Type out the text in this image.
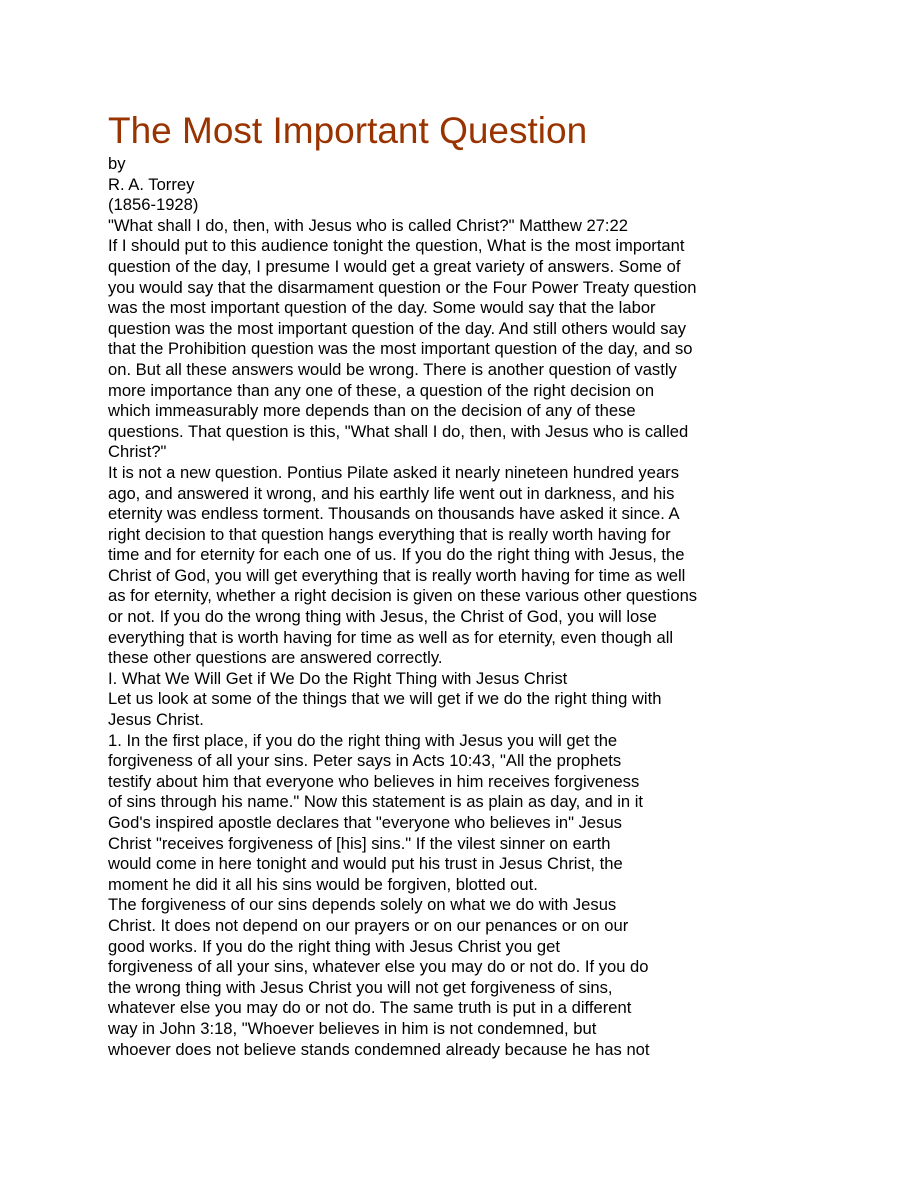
The Most Important Question

by

R. A. Torrey

(1856-1928)

"What shall I do, then, with Jesus who is called Christ?" Matthew 27:22

If I should put to this audience tonight the question, What is the most important

question of the day, I presume I would get a great variety of answers. Some of

you would say that the disarmament question or the Four Power Treaty question

was the most important question of the day. Some would say that the labor

question was the most important question of the day. And still others would say

that the Prohibition question was the most important question of the day, and so

on. But all these answers would be wrong. There is another question of vastly

more importance than any one of these, a question of the right decision on

which immeasurably more depends than on the decision of any of these

questions. That question is this, "What shall I do, then, with Jesus who is called

Christ?"

It is not a new question. Pontius Pilate asked it nearly nineteen hundred years

ago, and answered it wrong, and his earthly life went out in darkness, and his

eternity was endless torment. Thousands on thousands have asked it since. A

right decision to that question hangs everything that is really worth having for

time and for eternity for each one of us. If you do the right thing with Jesus, the

Christ of God, you will get everything that is really worth having for time as well

as for eternity, whether a right decision is given on these various other questions

or not. If you do the wrong thing with Jesus, the Christ of God, you will lose

everything that is worth having for time as well as for eternity, even though all

these other questions are answered correctly.

I. What We Will Get if We Do the Right Thing with Jesus Christ

Let us look at some of the things that we will get if we do the right thing with

Jesus Christ.

1. In the first place, if you do the right thing with Jesus you will get the

forgiveness of all your sins. Peter says in Acts 10:43, "All the prophets

testify about him that everyone who believes in him receives forgiveness

of sins through his name." Now this statement is as plain as day, and in it

God's inspired apostle declares that "everyone who believes in" Jesus

Christ "receives forgiveness of [his] sins." If the vilest sinner on earth

would come in here tonight and would put his trust in Jesus Christ, the

moment he did it all his sins would be forgiven, blotted out.

The forgiveness of our sins depends solely on what we do with Jesus

Christ. It does not depend on our prayers or on our penances or on our

good works. If you do the right thing with Jesus Christ you get

forgiveness of all your sins, whatever else you may do or not do. If you do

the wrong thing with Jesus Christ you will not get forgiveness of sins,

whatever else you may do or not do. The same truth is put in a different

way in John 3:18, "Whoever believes in him is not condemned, but

whoever does not believe stands condemned already because he has not
